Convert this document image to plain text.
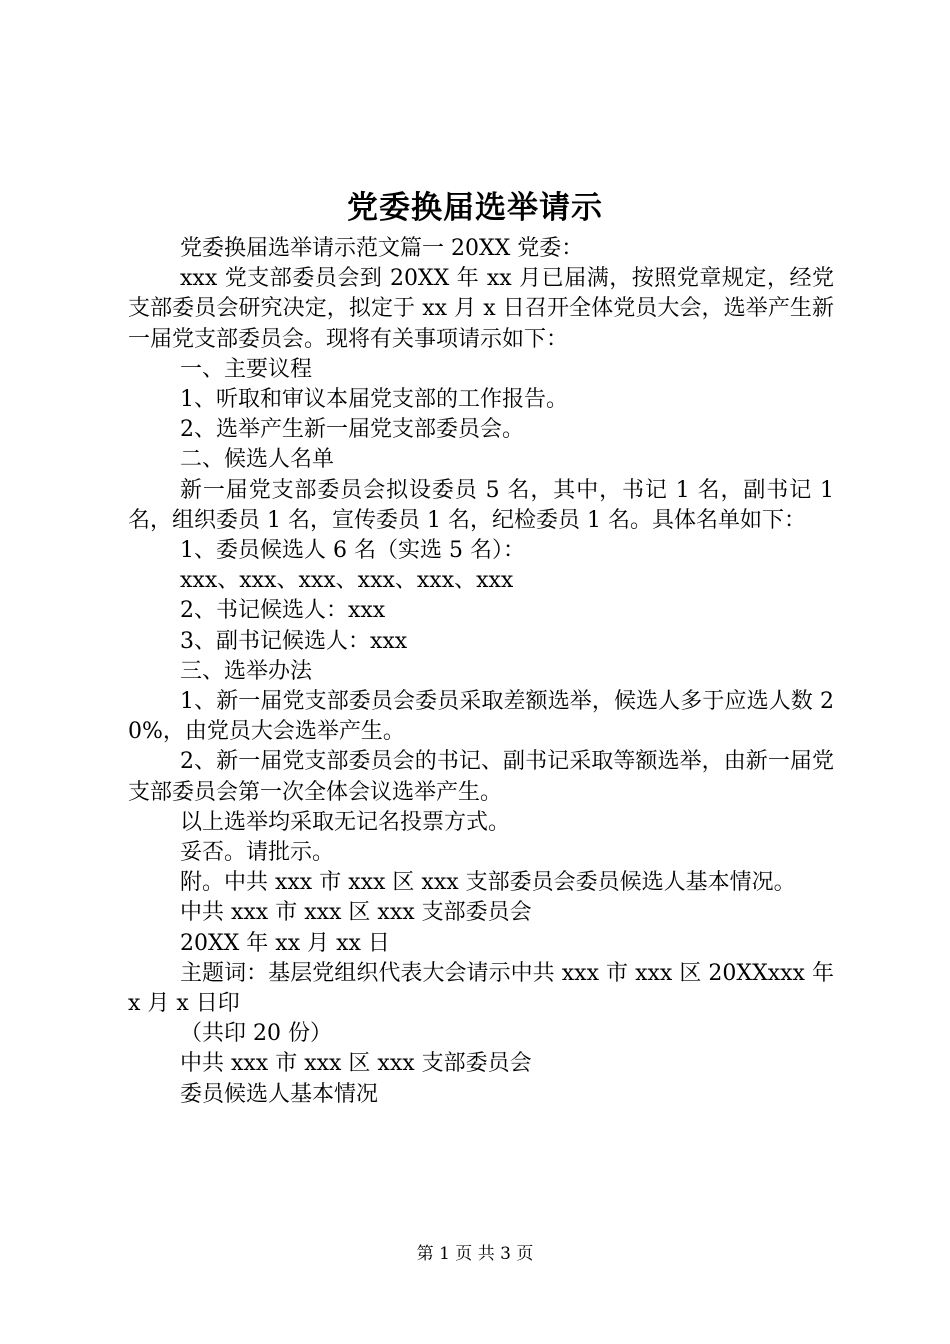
党委换届选举请示

党委换届选举请示范文篇一 20XX 党委：

xxx 党支部委员会到 20XX 年 xx 月已届满，按照党章规定，经党支部委员会研究决定，拟定于 xx 月 x 日召开全体党员大会，选举产生新一届党支部委员会。现将有关事项请示如下：

一、主要议程

1、听取和审议本届党支部的工作报告。

2、选举产生新一届党支部委员会。

二、候选人名单

新一届党支部委员会拟设委员 5 名，其中，书记 1 名，副书记 1 名，组织委员 1 名，宣传委员 1 名，纪检委员 1 名。具体名单如下：

1、委员候选人 6 名（实选 5 名）：

xxx、xxx、xxx、xxx、xxx、xxx

2、书记候选人：xxx

3、副书记候选人：xxx

三、选举办法

1、新一届党支部委员会委员采取差额选举，候选人多于应选人数 20%，由党员大会选举产生。

2、新一届党支部委员会的书记、副书记采取等额选举，由新一届党支部委员会第一次全体会议选举产生。

以上选举均采取无记名投票方式。

妥否。请批示。

附。中共 xxx 市 xxx 区 xxx 支部委员会委员候选人基本情况。

中共 xxx 市 xxx 区 xxx 支部委员会

20XX 年 xx 月 xx 日

主题词：基层党组织代表大会请示中共 xxx 市 xxx 区 20XXxxx 年 x 月 x 日印

（共印 20 份）

中共 xxx 市 xxx 区 xxx 支部委员会

委员候选人基本情况

第 1 页 共 3 页
